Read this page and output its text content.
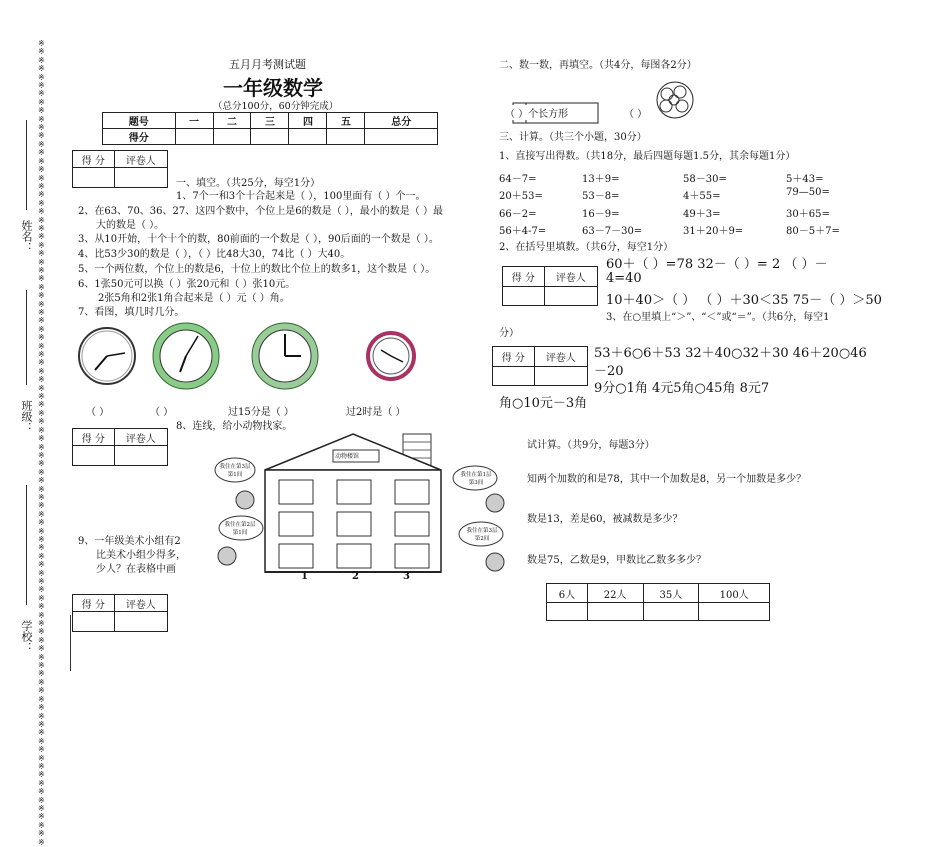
※※※※※※※※※※※※※※※※※※※※※※※※※※※※※※※※※※※※※※※※※※※※※※※※※※※※※※※※※※※※※※※※※※※※※※※※※※※※※※※※※※※※※※※※※※※※※※※※
姓名：
班级：
学校：
五月月考测试题
一年级数学
（总分100分，60分钟完成）
题号	一	二	三	四	五	总分
得分						
得 分	评卷人

得 分	评卷人

得 分	评卷人

得 分	评卷人

得 分	评卷人

一、填空。（共25分，每空1分）
1、7个一和3个十合起来是（ ），100里面有（ ）个一。
2、在63、70、36、27、这四个数中，个位上是6的数是（ ），最小的数是（ ）最
大的数是（ ）。
3、从10开始，十个十个的数，80前面的一个数是（ ），90后面的一个数是（ ）。
4、比53少30的数是（ ），（ ）比48大30，74比（ ）大40。
5、一个两位数，个位上的数是6，十位上的数比个位上的数多1，这个数是（ ）。
6、1张50元可以换（ ）张20元和（ ）张10元。
2张5角和2张1角合起来是（ ）元（ ）角。
7、看图，填几时几分。
（ ）	（ ）	过15分是（ ）	过2时是（ ）
8、连线，给小动物找家。
9、一年级美术小组有2
比美术小组少得多，
少人？在表格中画
动物楼馆
我住在第3层第1间	我住在第1层第3间
我住在第2层第1间	我住在第3层第2间
1	2	3
二、数一数，再填空。（共4分，每图各2分）
（ ）个长方形	（ ）
三、计算。（共三个小题，30分）
1、直接写出得数。（共18分，最后四题每题1.5分，其余每题1分）
64－7=	13＋9=	58－30=	5＋43=
20＋53=	53－8=	4＋55=	79—50=
66－2=	16－9=	49＋3=	30＋65=
56＋4-7=	63－7－30=	31＋20＋9=	80－5＋7=
2、在括号里填数。（共6分，每空1分）
60＋（ ）=78 32－（ ）= 2 （ ）－
4=40
10＋40＞（ ） （ ）＋30＜35 75－（ ）＞50
3、在○里填上“＞”、“＜”或“＝”。（共6分，每空1
分）
53＋6○6＋53 32＋40○32＋30 46＋20○46
－20
9分○1角 4元5角○45角 8元7
角○10元－3角
试计算。（共9分，每题3分）
知两个加数的和是78，其中一个加数是8，另一个加数是多少？
数是13，差是60，被减数是多少？
数是75，乙数是9，甲数比乙数多多少？
6人	22人	35人	100人
